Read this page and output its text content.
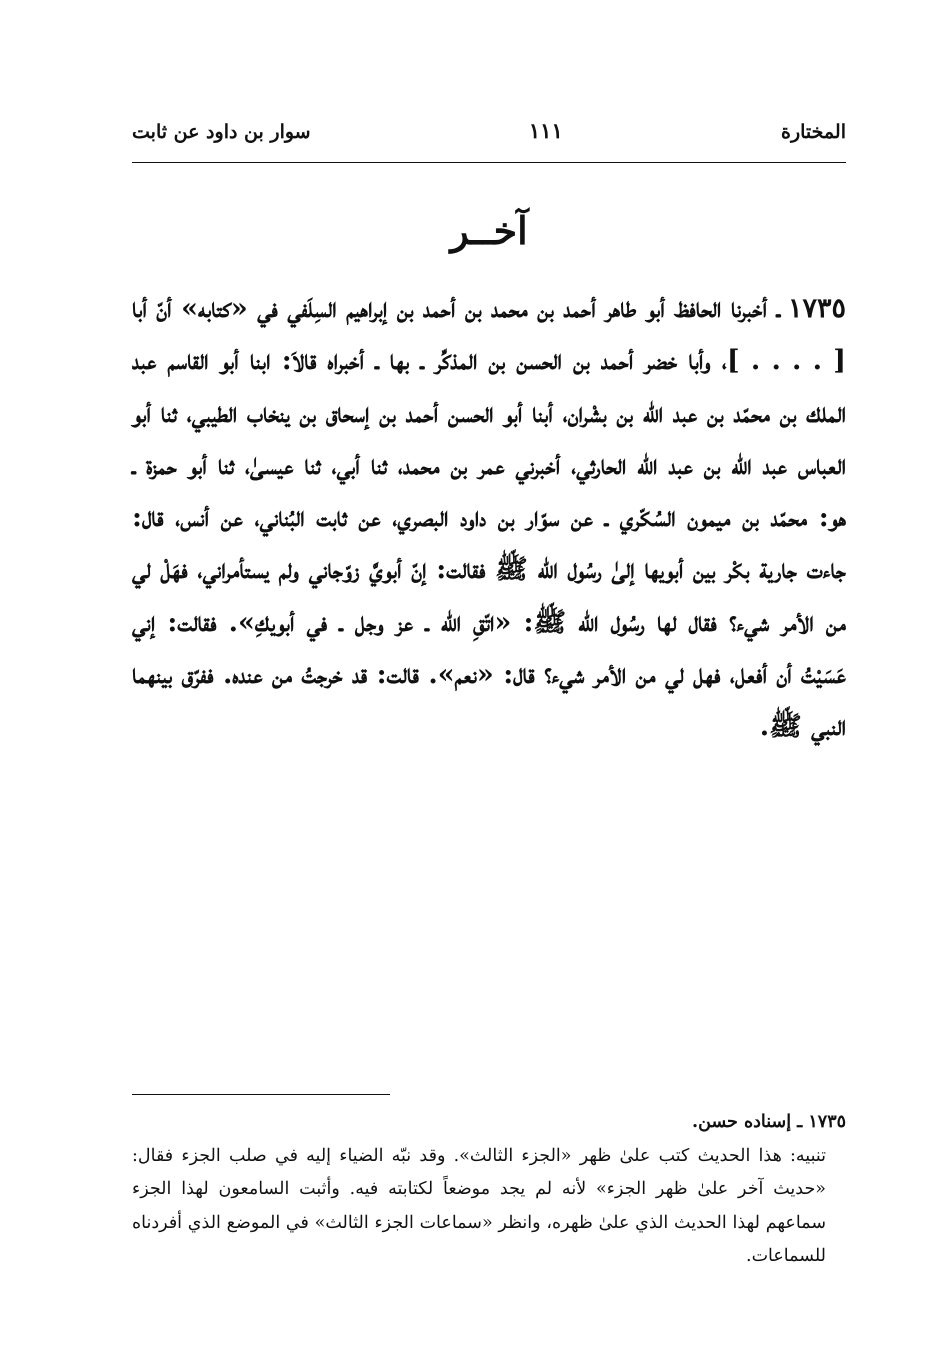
المختارة
١١١
سوار بن داود عن ثابت
آخــر
١٧٣٥ـ أخبرنا الحافظ أبو طاهر أحمد بن محمد بن أحمد بن إبراهيم السِلَفي في «كتابه» أنّ أبا [ . . . . ]، وأبا خضر أحمد بن الحسن بن المذكِّر ـ بها ـ أخبراه قالاَ: ابنا أبو القاسم عبد الملك بن محمّد بن عبد الله بن بشْران، أبنا أبو الحسن أحمد بن إسحاق بن ينخاب الطيبي، ثنا أبو العباس عبد الله بن عبد الله الحارثي، أخبرني عمر بن محمد، ثنا أبي، ثنا عيسىٰ، ثنا أبو حمزة ـ هو: محمّد بن ميمون السُكّري ـ عن سوّار بن داود البصري، عن ثابت البُناني، عن أنس، قال: جاءت جارية بكْر بين أبويها إلىٰ رسُول الله ﷺ فقالت: إنّ أبويَّ زوّجاني ولم يستأمراني، فهَلْ لي من الأمر شيء؟ فقال لها رسُول الله ﷺ: «اتّقِ الله ـ عز وجل ـ في أبويكِ». فقالت: إني عَسَيْتُ أن أفعل، فهل لي من الأمر شيء؟ قال: «نعم». قالت: قد خرجتُ من عنده. ففرّق بينهما النبي ﷺ.
١٧٣٥ ـ إسناده حسن.
تنبيه: هذا الحديث كتب علىٰ ظهر «الجزء الثالث». وقد نبّه الضياء إليه في صلب الجزء فقال: «حديث آخر علىٰ ظهر الجزء» لأنه لم يجد موضعاً لكتابته فيه. وأثبت السامعون لهذا الجزء سماعهم لهذا الحديث الذي علىٰ ظهره، وانظر «سماعات الجزء الثالث» في الموضع الذي أفردناه للسماعات.
